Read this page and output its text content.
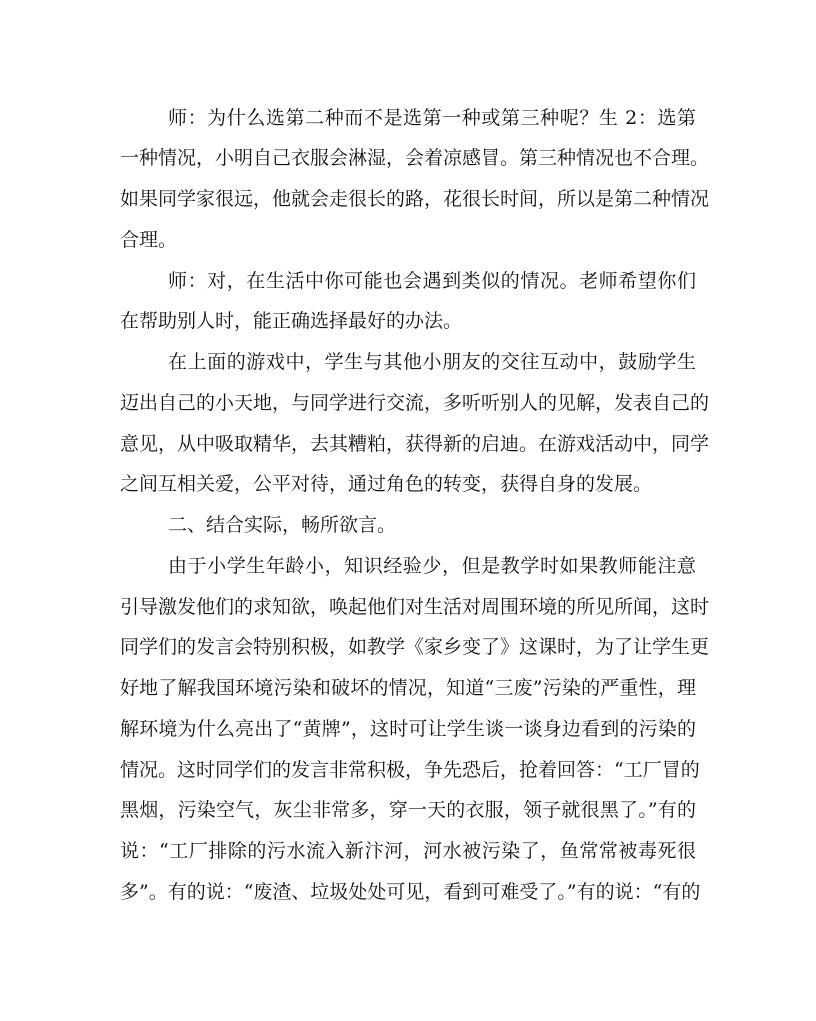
师：为什么选第二种而不是选第一种或第三种呢？生 2：选第
一种情况，小明自己衣服会淋湿，会着凉感冒。第三种情况也不合理。
如果同学家很远，他就会走很长的路，花很长时间，所以是第二种情况
合理。
师：对，在生活中你可能也会遇到类似的情况。老师希望你们
在帮助别人时，能正确选择最好的办法。
在上面的游戏中，学生与其他小朋友的交往互动中，鼓励学生
迈出自己的小天地，与同学进行交流，多听听别人的见解，发表自己的
意见，从中吸取精华，去其糟粕，获得新的启迪。在游戏活动中，同学
之间互相关爱，公平对待，通过角色的转变，获得自身的发展。
二、结合实际，畅所欲言。
由于小学生年龄小，知识经验少，但是教学时如果教师能注意
引导激发他们的求知欲，唤起他们对生活对周围环境的所见所闻，这时
同学们的发言会特别积极，如教学《家乡变了》这课时，为了让学生更
好地了解我国环境污染和破坏的情况，知道“三废”污染的严重性，理
解环境为什么亮出了“黄牌”，这时可让学生谈一谈身边看到的污染的
情况。这时同学们的发言非常积极，争先恐后，抢着回答：“工厂冒的
黑烟，污染空气，灰尘非常多，穿一天的衣服，领子就很黑了。”有的
说：“工厂排除的污水流入新汴河，河水被污染了，鱼常常被毒死很
多”。有的说：“废渣、垃圾处处可见，看到可难受了。”有的说：“有的
